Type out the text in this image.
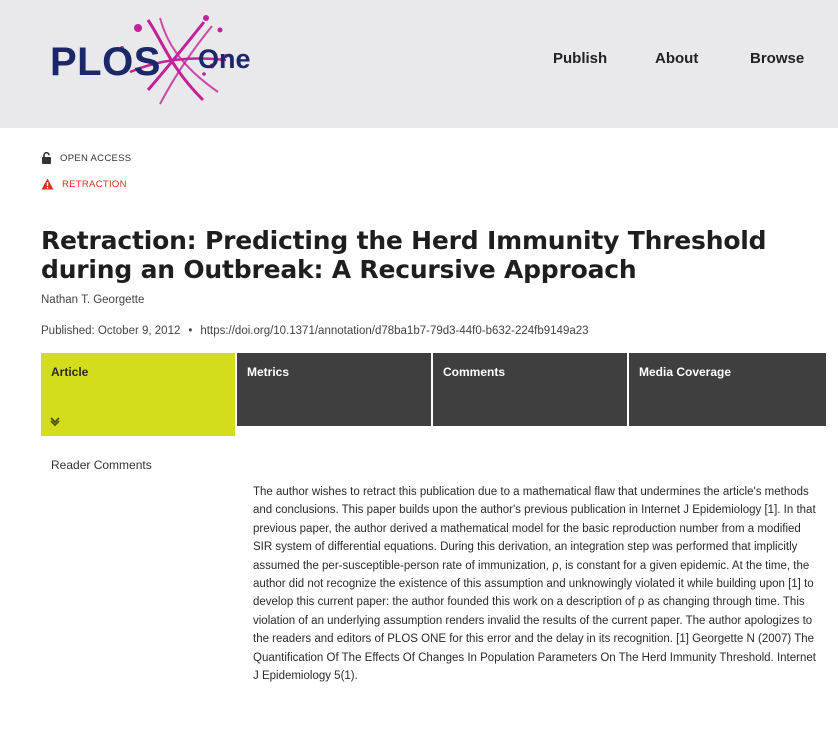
PLOS One	Publish	About	Browse
OPEN ACCESS
RETRACTION
Retraction: Predicting the Herd Immunity Threshold during an Outbreak: A Recursive Approach
Nathan T. Georgette
Published: October 9, 2012 • https://doi.org/10.1371/annotation/d78ba1b7-79d3-44f0-b632-224fb9149a23
Article	Metrics	Comments	Media Coverage
Reader Comments

The author wishes to retract this publication due to a mathematical flaw that undermines the article's methods and conclusions. This paper builds upon the author's previous publication in Internet J Epidemiology [1]. In that previous paper, the author derived a mathematical model for the basic reproduction number from a modified SIR system of differential equations. During this derivation, an integration step was performed that implicitly assumed the per-susceptible-person rate of immunization, ρ, is constant for a given epidemic. At the time, the author did not recognize the existence of this assumption and unknowingly violated it while building upon [1] to develop this current paper: the author founded this work on a description of ρ as changing through time. This violation of an underlying assumption renders invalid the results of the current paper. The author apologizes to the readers and editors of PLOS ONE for this error and the delay in its recognition. [1] Georgette N (2007) The Quantification Of The Effects Of Changes In Population Parameters On The Herd Immunity Threshold. Internet J Epidemiology 5(1).
